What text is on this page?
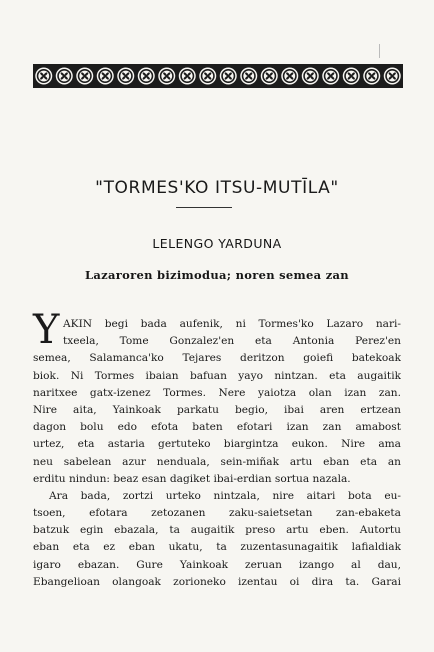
"TORMES'KO ITSU-MUTĪLA"
LELENGO YARDUNA
Lazaroren bizimodua; noren semea zan
Y AKIN begi bada aufenik, ni Tormes'ko Lazaro nari-
txeela, Tome Gonzalez'en eta Antonia Perez'en
semea, Salamanca'ko Tejares deritzon goiefi batekoak
biok. Ni Tormes ibaian bafuan yayo nintzan. eta augaitik
naritxee gatx-izenez Tormes. Nere yaiotza olan izan zan.
Nire aita, Yainkoak parkatu begio, ibai aren ertzean
dagon bolu edo efota baten efotari izan zan amabost
urtez, eta astaria gertuteko biargintza eukon. Nire ama
neu sabelean azur nenduala, sein-miñak artu eban eta an
erditu nindun: beaz esan dagiket ibai-erdian sortua nazala.
Ara bada, zortzi urteko nintzala, nire aitari bota eu-
tsoen, efotara zetozanen zaku-saietsetan zan-ebaketa
batzuk egin ebazala, ta augaitik preso artu eben. Autortu
eban eta ez eban ukatu, ta zuzentasunagaitik lafialdiak
igaro ebazan. Gure Yainkoak zeruan izango al dau,
Ebangelioan olangoak zorioneko izentau oi dira ta. Garai
